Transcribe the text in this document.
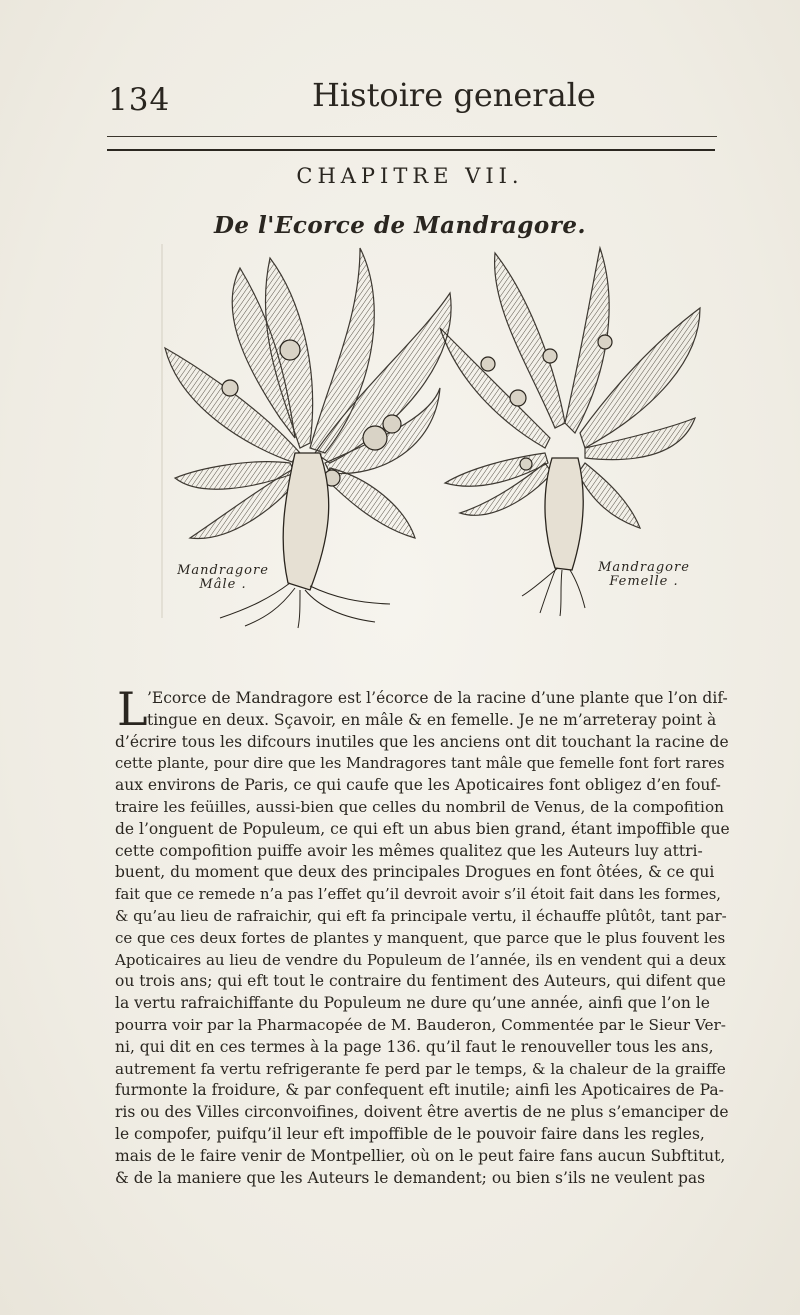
134	Histoire generale
CHAPITRE VII.
De l'Ecorce de Mandragore.
Mandragore
Mâle .
Mandragore
Femelle .
L ’Ecorce de Mandragore est l’écorce de la racine d’une plante que l’on dif-
tingue en deux. Sçavoir, en mâle & en femelle. Je ne m’arreteray point à
d’écrire tous les difcours inutiles que les anciens ont dit touchant la racine de
cette plante, pour dire que les Mandragores tant mâle que femelle font fort rares
aux environs de Paris, ce qui caufe que les Apoticaires font obligez d’en fouf-
traire les feüilles, aussi-bien que celles du nombril de Venus, de la compofition
de l’onguent de Populeum, ce qui eft un abus bien grand, étant impoffible que
cette compofition puiffe avoir les mêmes qualitez que les Auteurs luy attri-
buent, du moment que deux des principales Drogues en font ôtées, & ce qui
fait que ce remede n’a pas l’effet qu’il devroit avoir s’il étoit fait dans les formes,
& qu’au lieu de rafraichir, qui eft fa principale vertu, il échauffe plûtôt, tant par-
ce que ces deux fortes de plantes y manquent, que parce que le plus fouvent les
Apoticaires au lieu de vendre du Populeum de l’année, ils en vendent qui a deux
ou trois ans; qui eft tout le contraire du fentiment des Auteurs, qui difent que
la vertu rafraichiffante du Populeum ne dure qu’une année, ainfi que l’on le
pourra voir par la Pharmacopée de M. Bauderon, Commentée par le Sieur Ver-
ni, qui dit en ces termes à la page 136. qu’il faut le renouveller tous les ans,
autrement fa vertu refrigerante fe perd par le temps, & la chaleur de la graiffe
furmonte la froidure, & par confequent eft inutile; ainfi les Apoticaires de Pa-
ris ou des Villes circonvoifines, doivent être avertis de ne plus s’emanciper de
le compofer, puifqu’il leur eft impoffible de le pouvoir faire dans les regles,
mais de le faire venir de Montpellier, où on le peut faire fans aucun Subftitut,
& de la maniere que les Auteurs le demandent; ou bien s’ils ne veulent pas
